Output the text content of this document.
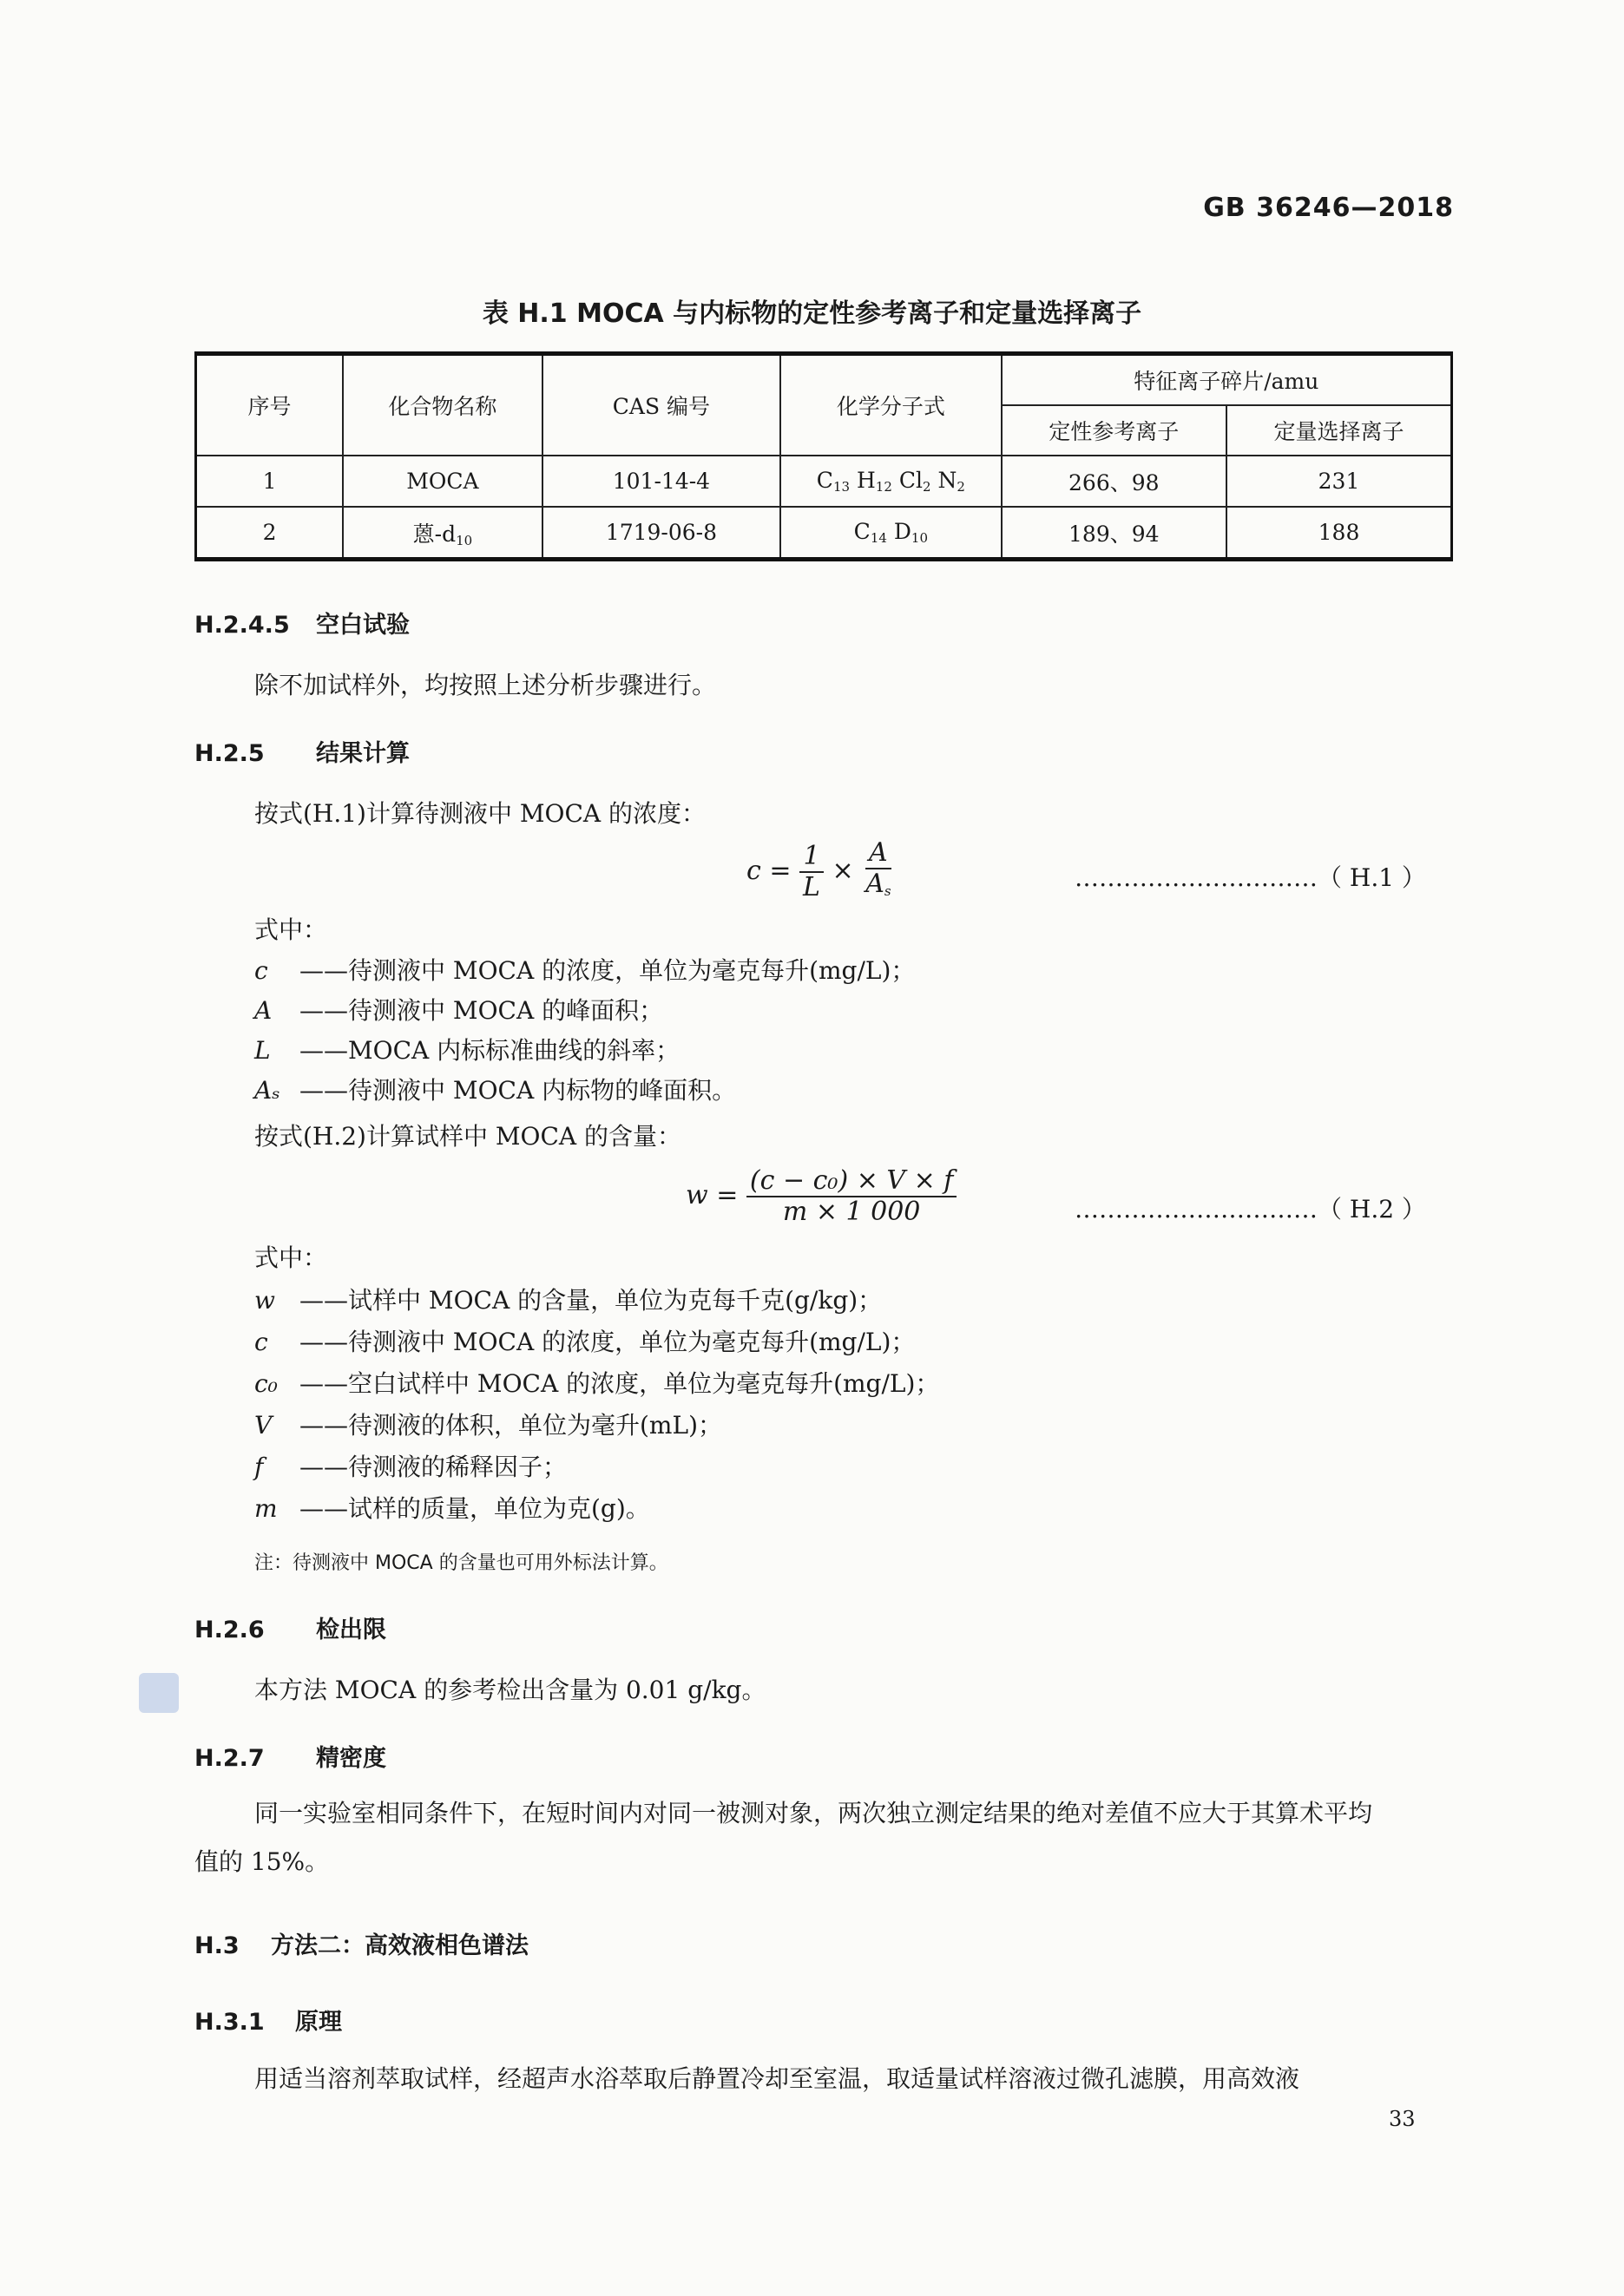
GB 36246—2018
表 H.1 MOCA 与内标物的定性参考离子和定量选择离子
序号	化合物名称	CAS 编号	化学分子式	特征离子碎片/amu	
				定性参考离子	定量选择离子
1	MOCA	101-14-4	$C_{13}$ $H_{12}$ $Cl_2$ $N_2$	266、98	231
2	蒽$-d_{10}$	1719-06-8	$C_{14}$ $D_{10}$	189、94	188
H.2.4.5 空白试验
除不加试样外，均按照上述分析步骤进行。
H.2.5 结果计算
按式(H.1)计算待测液中 MOCA 的浓度：
$c = \frac{1}{L} \times \frac{A}{A_s}$	…………………………（ H.1 ）
式中：
c ——待测液中 MOCA 的浓度，单位为毫克每升(mg/L)；
A ——待测液中 MOCA 的峰面积；
L ——MOCA 内标标准曲线的斜率；
Aₛ ——待测液中 MOCA 内标物的峰面积。
按式(H.2)计算试样中 MOCA 的含量：
$w = \frac{\text{(c − c₀) × V × f}}{m \times 1 000}$	…………………………（ H.2 ）
式中：
w ——试样中 MOCA 的含量，单位为克每千克(g/kg)；
c ——待测液中 MOCA 的浓度，单位为毫克每升(mg/L)；
c₀ ——空白试样中 MOCA 的浓度，单位为毫克每升(mg/L)；
V ——待测液的体积，单位为毫升(mL)；
f ——待测液的稀释因子；
m ——试样的质量，单位为克(g)。
注：待测液中 MOCA 的含量也可用外标法计算。
H.2.6 检出限
本方法 MOCA 的参考检出含量为 0.01 g/kg。
H.2.7 精密度
同一实验室相同条件下，在短时间内对同一被测对象，两次独立测定结果的绝对差值不应大于其算术平均值的 15%。
H.3 方法二：高效液相色谱法
H.3.1 原理
用适当溶剂萃取试样，经超声水浴萃取后静置冷却至室温，取适量试样溶液过微孔滤膜，用高效液
33
